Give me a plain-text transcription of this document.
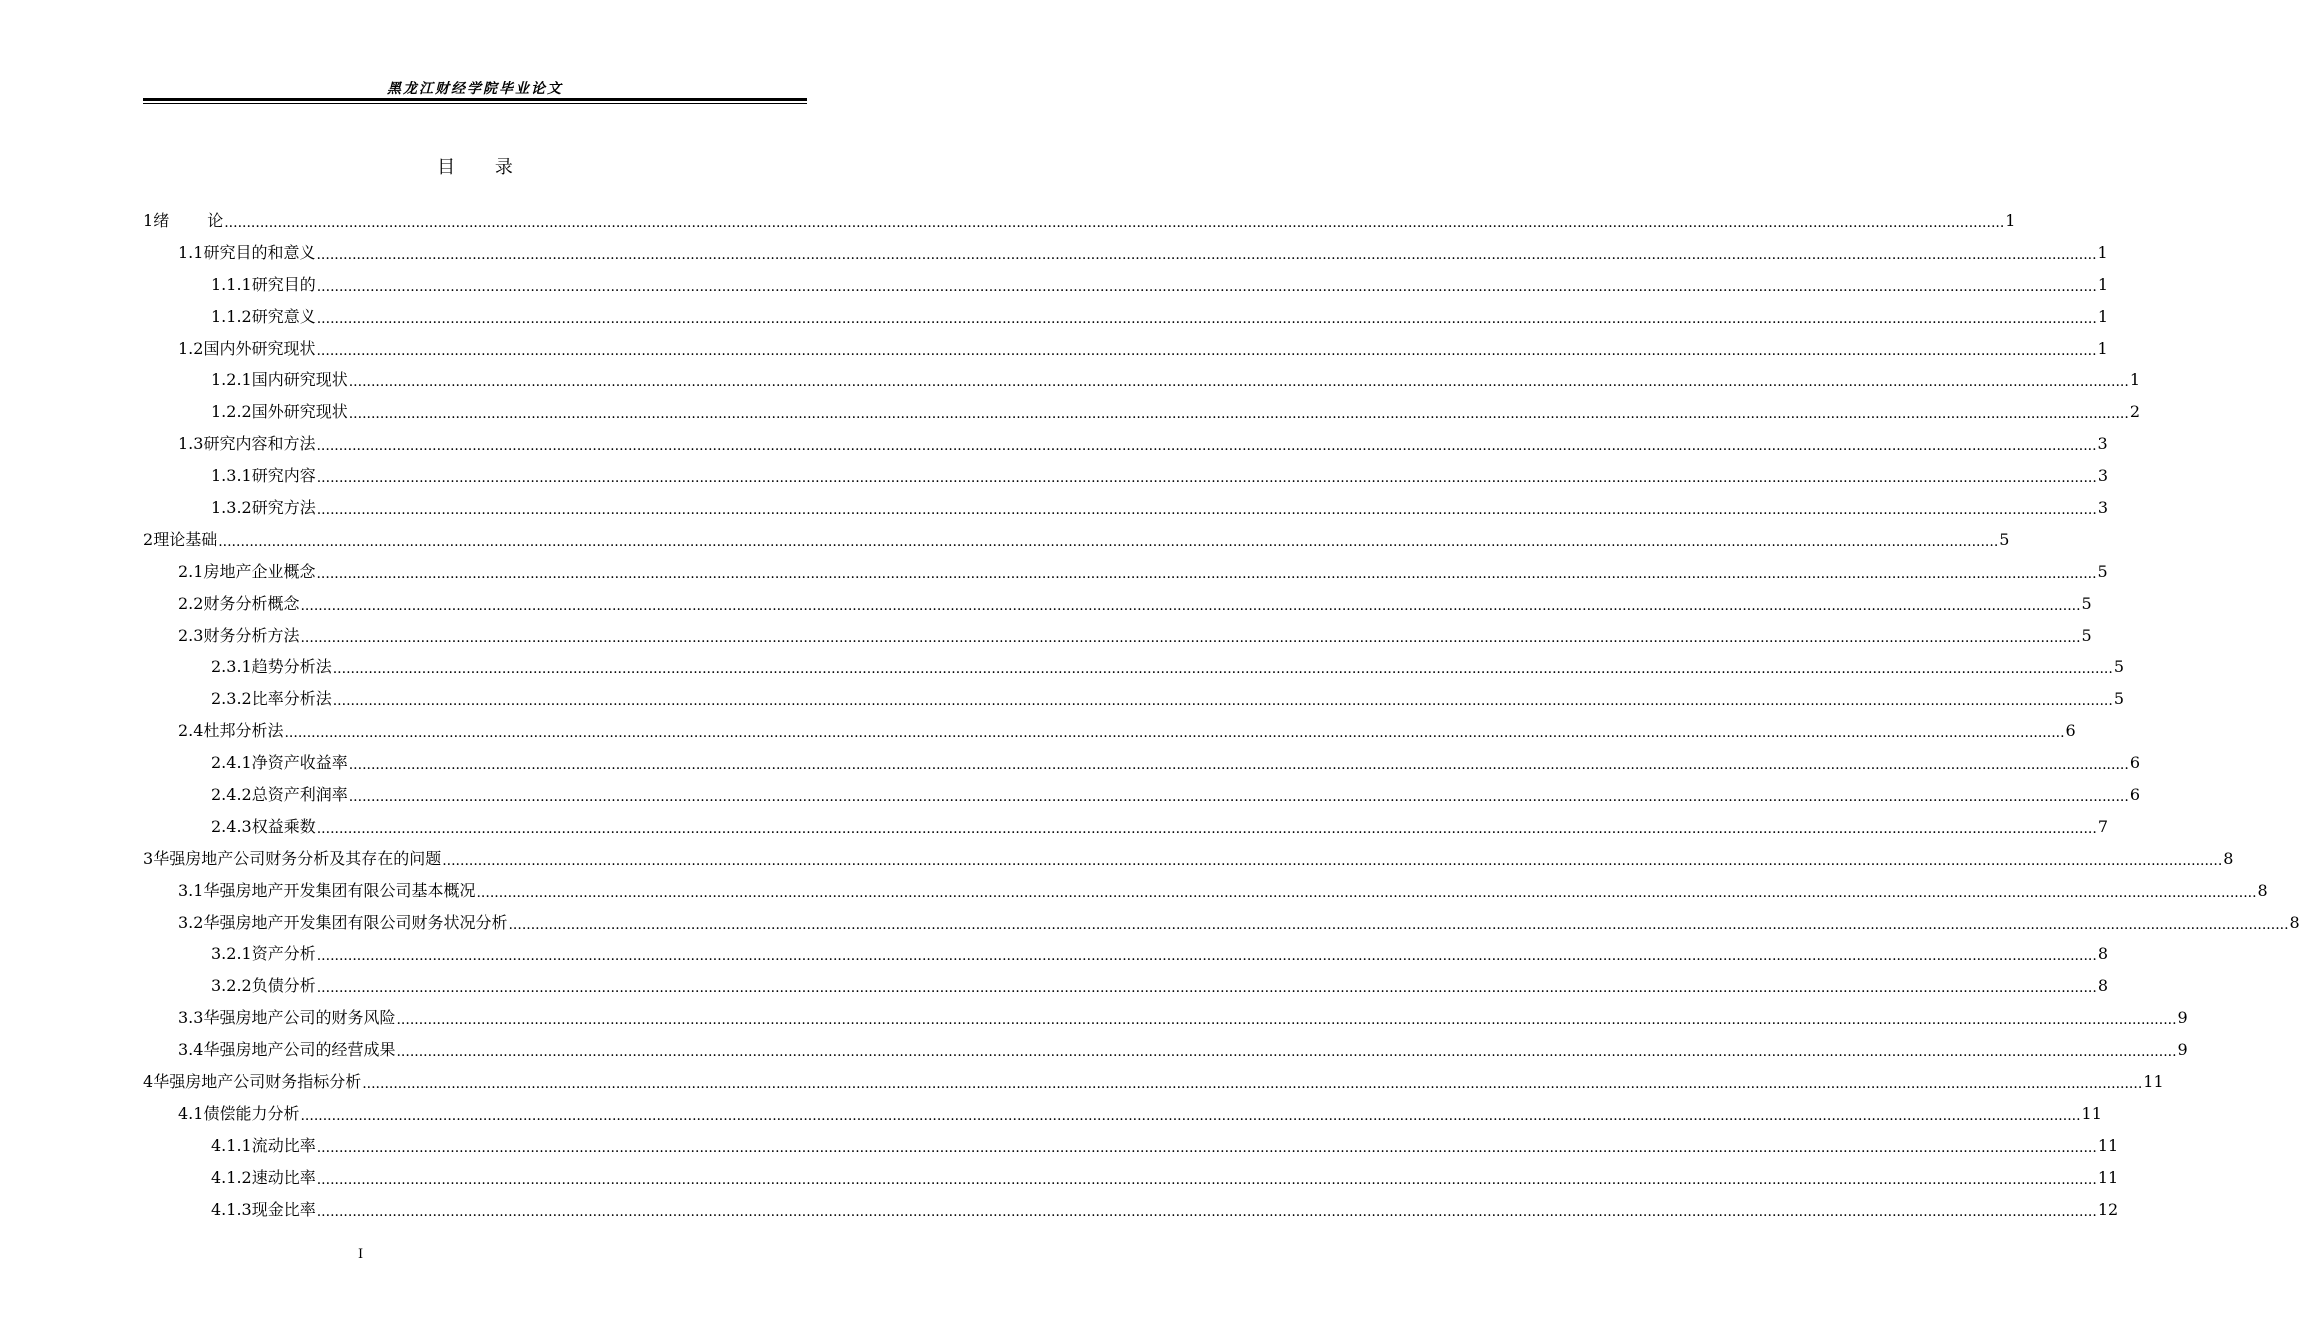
黑龙江财经学院毕业论文
目 录
1 绪论 ................................................................................................................................................................................................................................................................................................................................................................................................................ 1
1.1 研究目的和意义 ................................................................................................................................................................................................................................................................................................................................................................................................................ 1
1.1.1 研究目的 ................................................................................................................................................................................................................................................................................................................................................................................................................ 1
1.1.2 研究意义 ................................................................................................................................................................................................................................................................................................................................................................................................................ 1
1.2 国内外研究现状 ................................................................................................................................................................................................................................................................................................................................................................................................................ 1
1.2.1 国内研究现状 ................................................................................................................................................................................................................................................................................................................................................................................................................ 1
1.2.2 国外研究现状 ................................................................................................................................................................................................................................................................................................................................................................................................................ 2
1.3 研究内容和方法 ................................................................................................................................................................................................................................................................................................................................................................................................................ 3
1.3.1 研究内容 ................................................................................................................................................................................................................................................................................................................................................................................................................ 3
1.3.2 研究方法 ................................................................................................................................................................................................................................................................................................................................................................................................................ 3
2 理论基础 ................................................................................................................................................................................................................................................................................................................................................................................................................ 5
2.1 房地产企业概念 ................................................................................................................................................................................................................................................................................................................................................................................................................ 5
2.2 财务分析概念 ................................................................................................................................................................................................................................................................................................................................................................................................................ 5
2.3 财务分析方法 ................................................................................................................................................................................................................................................................................................................................................................................................................ 5
2.3.1 趋势分析法 ................................................................................................................................................................................................................................................................................................................................................................................................................ 5
2.3.2 比率分析法 ................................................................................................................................................................................................................................................................................................................................................................................................................ 5
2.4 杜邦分析法 ................................................................................................................................................................................................................................................................................................................................................................................................................ 6
2.4.1 净资产收益率 ................................................................................................................................................................................................................................................................................................................................................................................................................ 6
2.4.2 总资产利润率 ................................................................................................................................................................................................................................................................................................................................................................................................................ 6
2.4.3 权益乘数 ................................................................................................................................................................................................................................................................................................................................................................................................................ 7
3 华强房地产公司财务分析及其存在的问题 ................................................................................................................................................................................................................................................................................................................................................................................................................ 8
3.1 华强房地产开发集团有限公司基本概况 ................................................................................................................................................................................................................................................................................................................................................................................................................ 8
3.2 华强房地产开发集团有限公司财务状况分析 ................................................................................................................................................................................................................................................................................................................................................................................................................ 8
3.2.1 资产分析 ................................................................................................................................................................................................................................................................................................................................................................................................................ 8
3.2.2 负债分析 ................................................................................................................................................................................................................................................................................................................................................................................................................ 8
3.3 华强房地产公司的财务风险 ................................................................................................................................................................................................................................................................................................................................................................................................................ 9
3.4 华强房地产公司的经营成果 ................................................................................................................................................................................................................................................................................................................................................................................................................ 9
4 华强房地产公司财务指标分析 ................................................................................................................................................................................................................................................................................................................................................................................................................ 11
4.1 债偿能力分析 ................................................................................................................................................................................................................................................................................................................................................................................................................ 11
4.1.1 流动比率 ................................................................................................................................................................................................................................................................................................................................................................................................................ 11
4.1.2 速动比率 ................................................................................................................................................................................................................................................................................................................................................................................................................ 11
4.1.3 现金比率 ................................................................................................................................................................................................................................................................................................................................................................................................................ 12
I
